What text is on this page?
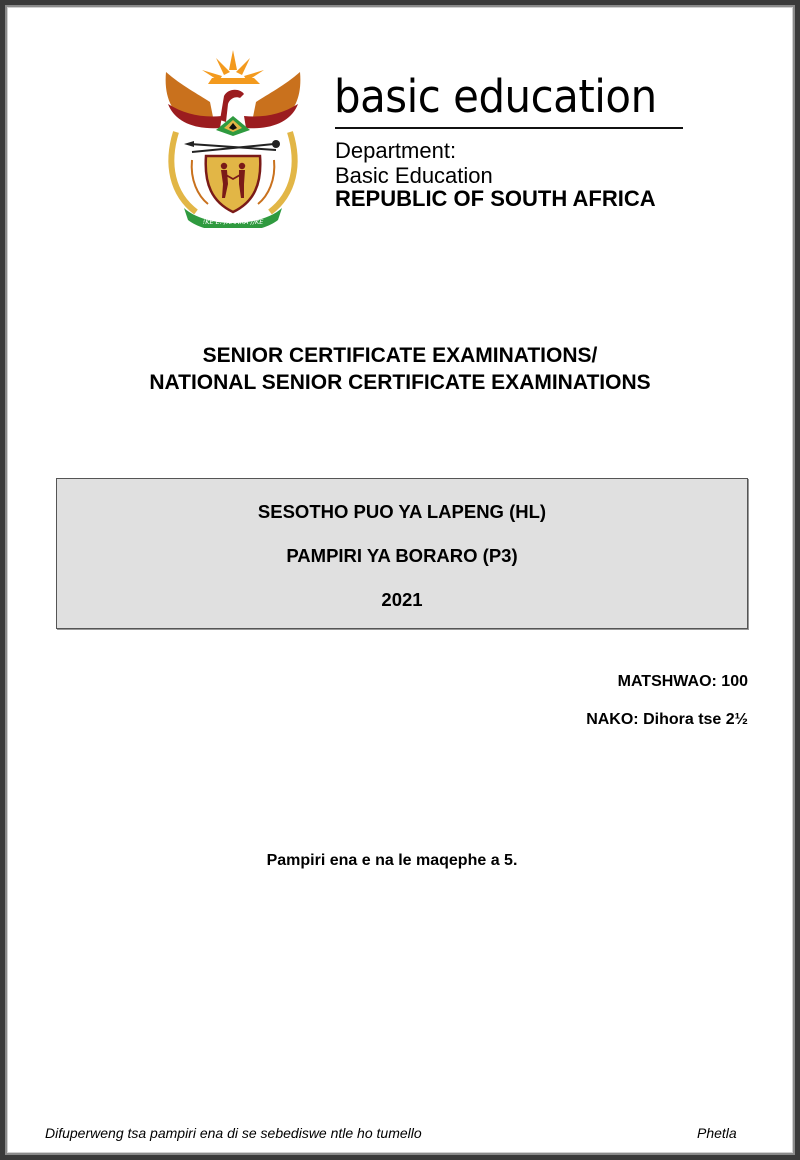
!KE E: /XARRA //KE
basic education
Department:
Basic Education
REPUBLIC OF SOUTH AFRICA
SENIOR CERTIFICATE EXAMINATIONS/
NATIONAL SENIOR CERTIFICATE EXAMINATIONS
SESOTHO PUO YA LAPENG (HL)
PAMPIRI YA BORARO (P3)
2021
MATSHWAO: 100
NAKO: Dihora tse 2½
Pampiri ena e na le maqephe a 5.
Difuperweng tsa pampiri ena di se sebediswe ntle ho tumello	Phetla
